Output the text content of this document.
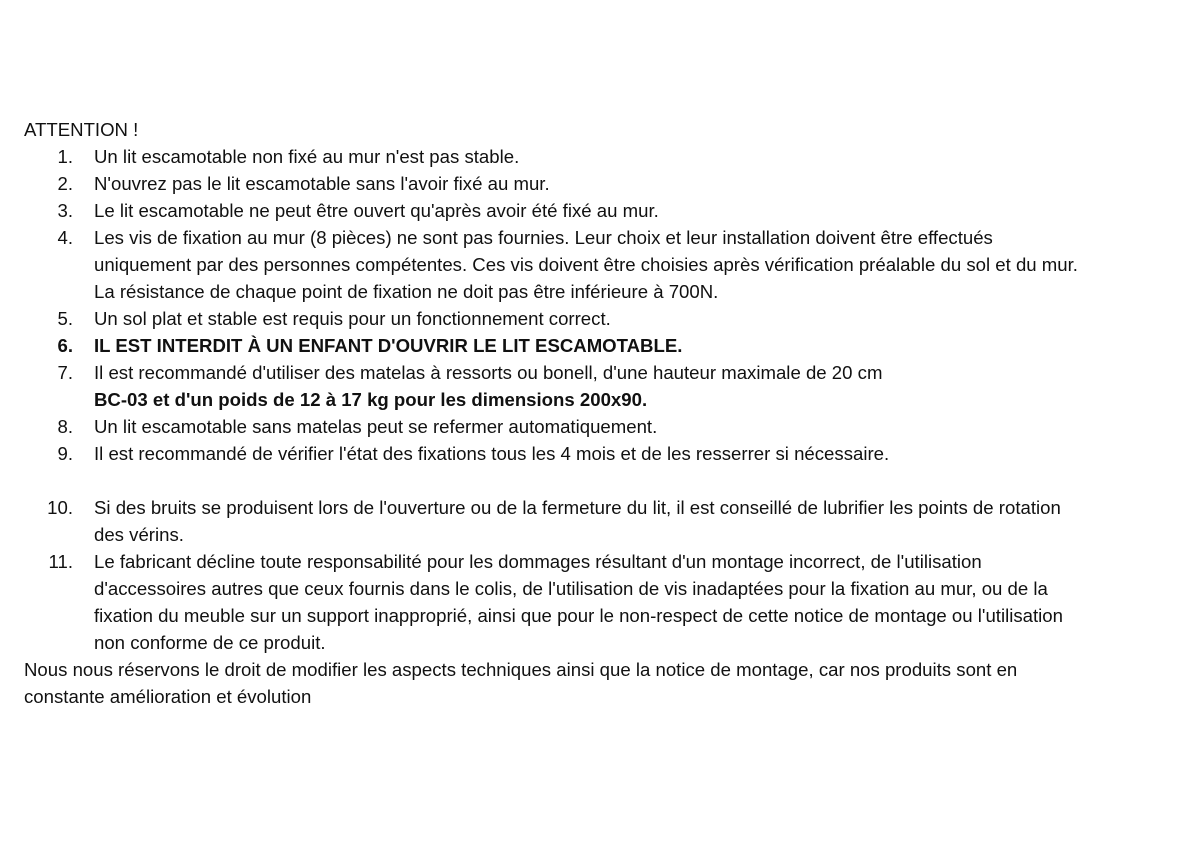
ATTENTION !

1. Un lit escamotable non fixé au mur n'est pas stable.
2. N'ouvrez pas le lit escamotable sans l'avoir fixé au mur.
3. Le lit escamotable ne peut être ouvert qu'après avoir été fixé au mur.
4. Les vis de fixation au mur (8 pièces) ne sont pas fournies. Leur choix et leur installation doivent être effectués
uniquement par des personnes compétentes. Ces vis doivent être choisies après vérification préalable du sol et du mur.
La résistance de chaque point de fixation ne doit pas être inférieure à 700N.
5. Un sol plat et stable est requis pour un fonctionnement correct.
6. IL EST INTERDIT À UN ENFANT D'OUVRIR LE LIT ESCAMOTABLE.
7. Il est recommandé d'utiliser des matelas à ressorts ou bonell, d'une hauteur maximale de 20 cm
BC-03 et d'un poids de 12 à 17 kg pour les dimensions 200x90.
8. Un lit escamotable sans matelas peut se refermer automatiquement.
9. Il est recommandé de vérifier l'état des fixations tous les 4 mois et de les resserrer si nécessaire.
10. Si des bruits se produisent lors de l'ouverture ou de la fermeture du lit, il est conseillé de lubrifier les points de rotation
des vérins.
11. Le fabricant décline toute responsabilité pour les dommages résultant d'un montage incorrect, de l'utilisation
d'accessoires autres que ceux fournis dans le colis, de l'utilisation de vis inadaptées pour la fixation au mur, ou de la
fixation du meuble sur un support inapproprié, ainsi que pour le non-respect de cette notice de montage ou l'utilisation
non conforme de ce produit.

Nous nous réservons le droit de modifier les aspects techniques ainsi que la notice de montage, car nos produits sont en
constante amélioration et évolution
